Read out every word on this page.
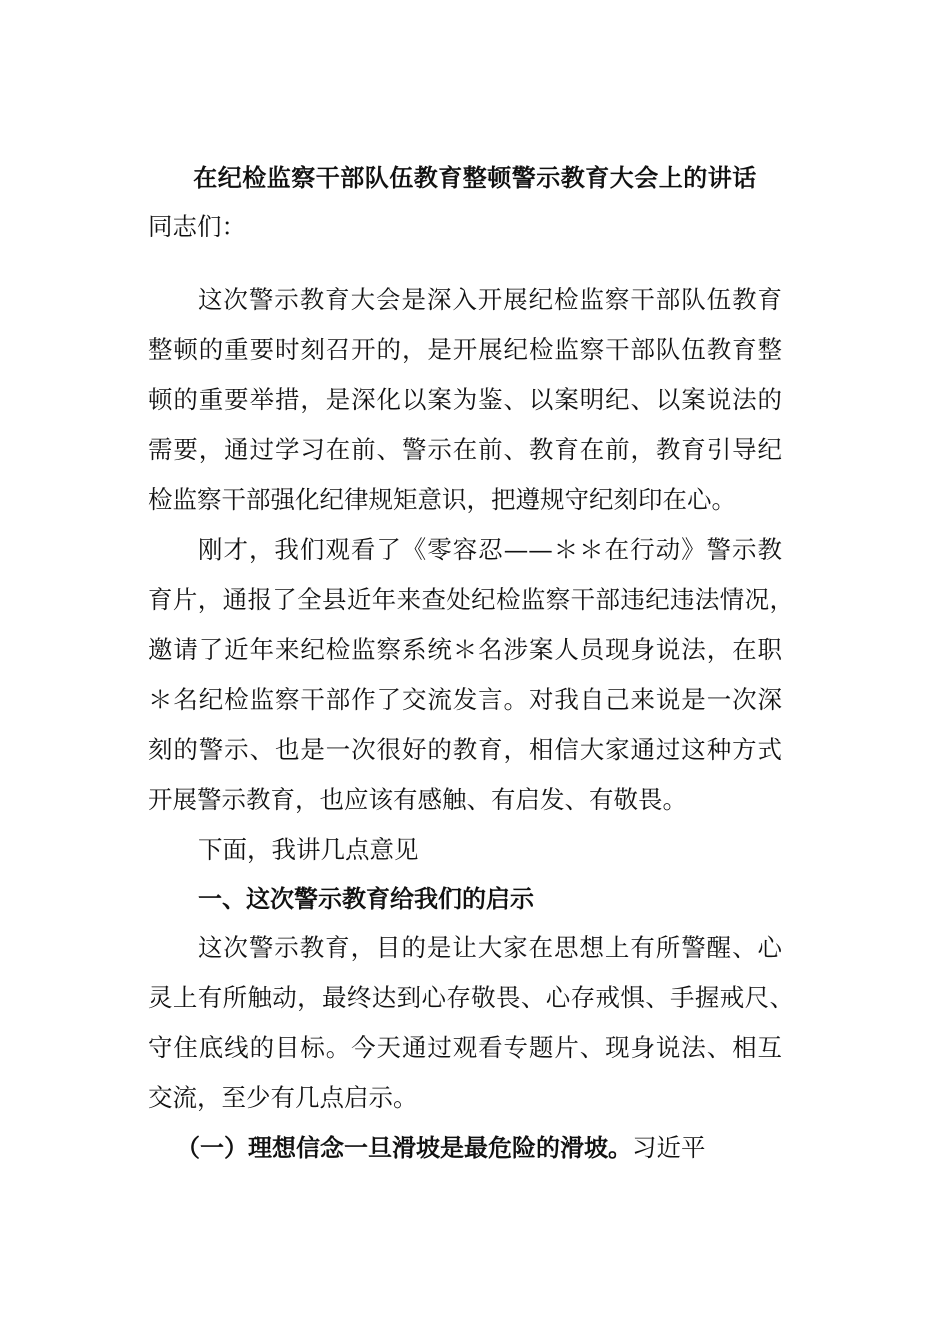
在纪检监察干部队伍教育整顿警示教育大会上的讲话
同志们：
这次警示教育大会是深入开展纪检监察干部队伍教育
整顿的重要时刻召开的，是开展纪检监察干部队伍教育整
顿的重要举措，是深化以案为鉴、以案明纪、以案说法的
需要，通过学习在前、警示在前、教育在前，教育引导纪
检监察干部强化纪律规矩意识，把遵规守纪刻印在心。
刚才，我们观看了《零容忍——＊＊在行动》警示教
育片，通报了全县近年来查处纪检监察干部违纪违法情况，
邀请了近年来纪检监察系统＊名涉案人员现身说法，在职
＊名纪检监察干部作了交流发言。对我自己来说是一次深
刻的警示、也是一次很好的教育，相信大家通过这种方式
开展警示教育，也应该有感触、有启发、有敬畏。
下面，我讲几点意见
一、这次警示教育给我们的启示
这次警示教育，目的是让大家在思想上有所警醒、心
灵上有所触动，最终达到心存敬畏、心存戒惧、手握戒尺、
守住底线的目标。今天通过观看专题片、现身说法、相互
交流，至少有几点启示。
（一）理想信念一旦滑坡是最危险的滑坡。习近平
